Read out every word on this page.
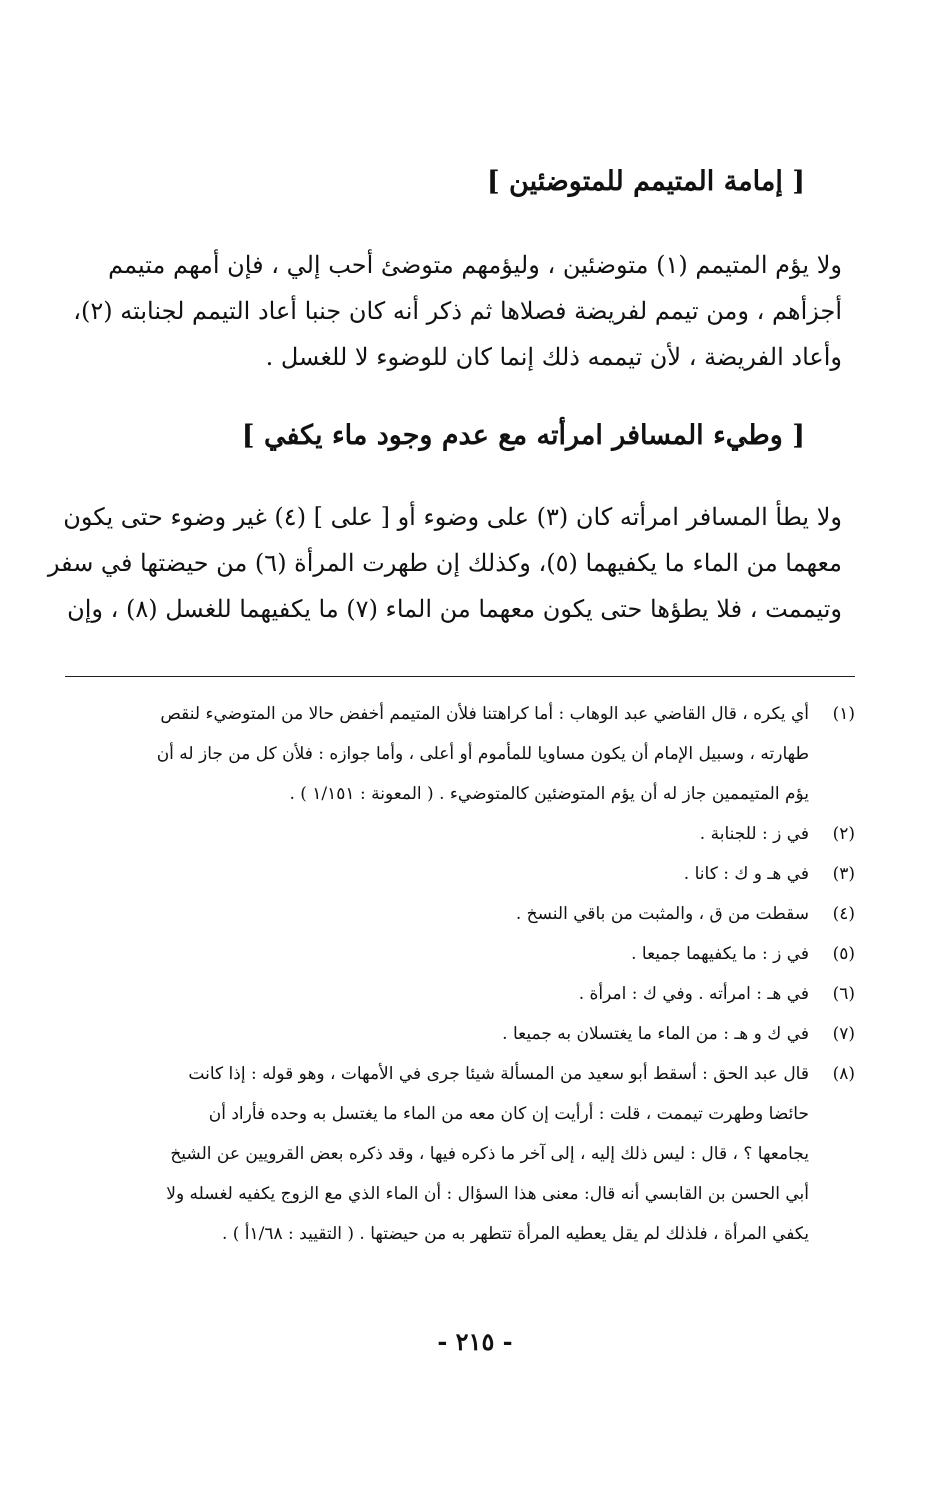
[ إمامة المتيمم للمتوضئين ]
ولا يؤم المتيمم (١) متوضئين ، وليؤمهم متوضئ أحب إلي ، فإن أمهم متيمم
أجزأهم ، ومن تيمم لفريضة فصلاها ثم ذكر أنه كان جنبا أعاد التيمم لجنابته (٢)،
وأعاد الفريضة ، لأن تيممه ذلك إنما كان للوضوء لا للغسل .
[ وطيء المسافر امرأته مع عدم وجود ماء يكفي ]
ولا يطأ المسافر امرأته كان (٣) على وضوء أو [ على ] (٤) غير وضوء حتى يكون
معهما من الماء ما يكفيهما (٥)، وكذلك إن طهرت المرأة (٦) من حيضتها في سفر
وتيممت ، فلا يطؤها حتى يكون معهما من الماء (٧) ما يكفيهما للغسل (٨) ، وإن
(١)
أي يكره ، قال القاضي عبد الوهاب : أما كراهتنا فلأن المتيمم أخفض حالا من المتوضيء لنقص
طهارته ، وسبيل الإمام أن يكون مساويا للمأموم أو أعلى ، وأما جوازه : فلأن كل من جاز له أن
يؤم المتيممين جاز له أن يؤم المتوضئين كالمتوضيء . ( المعونة : ١/١٥١ ) .
(٢)
في ز : للجنابة .
(٣)
في هـ و ك : كانا .
(٤)
سقطت من ق ، والمثبت من باقي النسخ .
(٥)
في ز : ما يكفيهما جميعا .
(٦)
في هـ : امرأته . وفي ك : امرأة .
(٧)
في ك و هـ : من الماء ما يغتسلان به جميعا .
(٨)
قال عبد الحق : أسقط أبو سعيد من المسألة شيئا جرى في الأمهات ، وهو قوله : إذا كانت
حائضا وطهرت تيممت ، قلت : أرأيت إن كان معه من الماء ما يغتسل به وحده فأراد أن
يجامعها ؟ ، قال : ليس ذلك إليه ، إلى آخر ما ذكره فيها ، وقد ذكره بعض القرويين عن الشيخ
أبي الحسن بن القابسي أنه قال: معنى هذا السؤال : أن الماء الذي مع الزوج يكفيه لغسله ولا
يكفي المرأة ، فلذلك لم يقل يعطيه المرأة تتطهر به من حيضتها . ( التقييد : ١/٦٨أ ) .
- ٢١٥ -
